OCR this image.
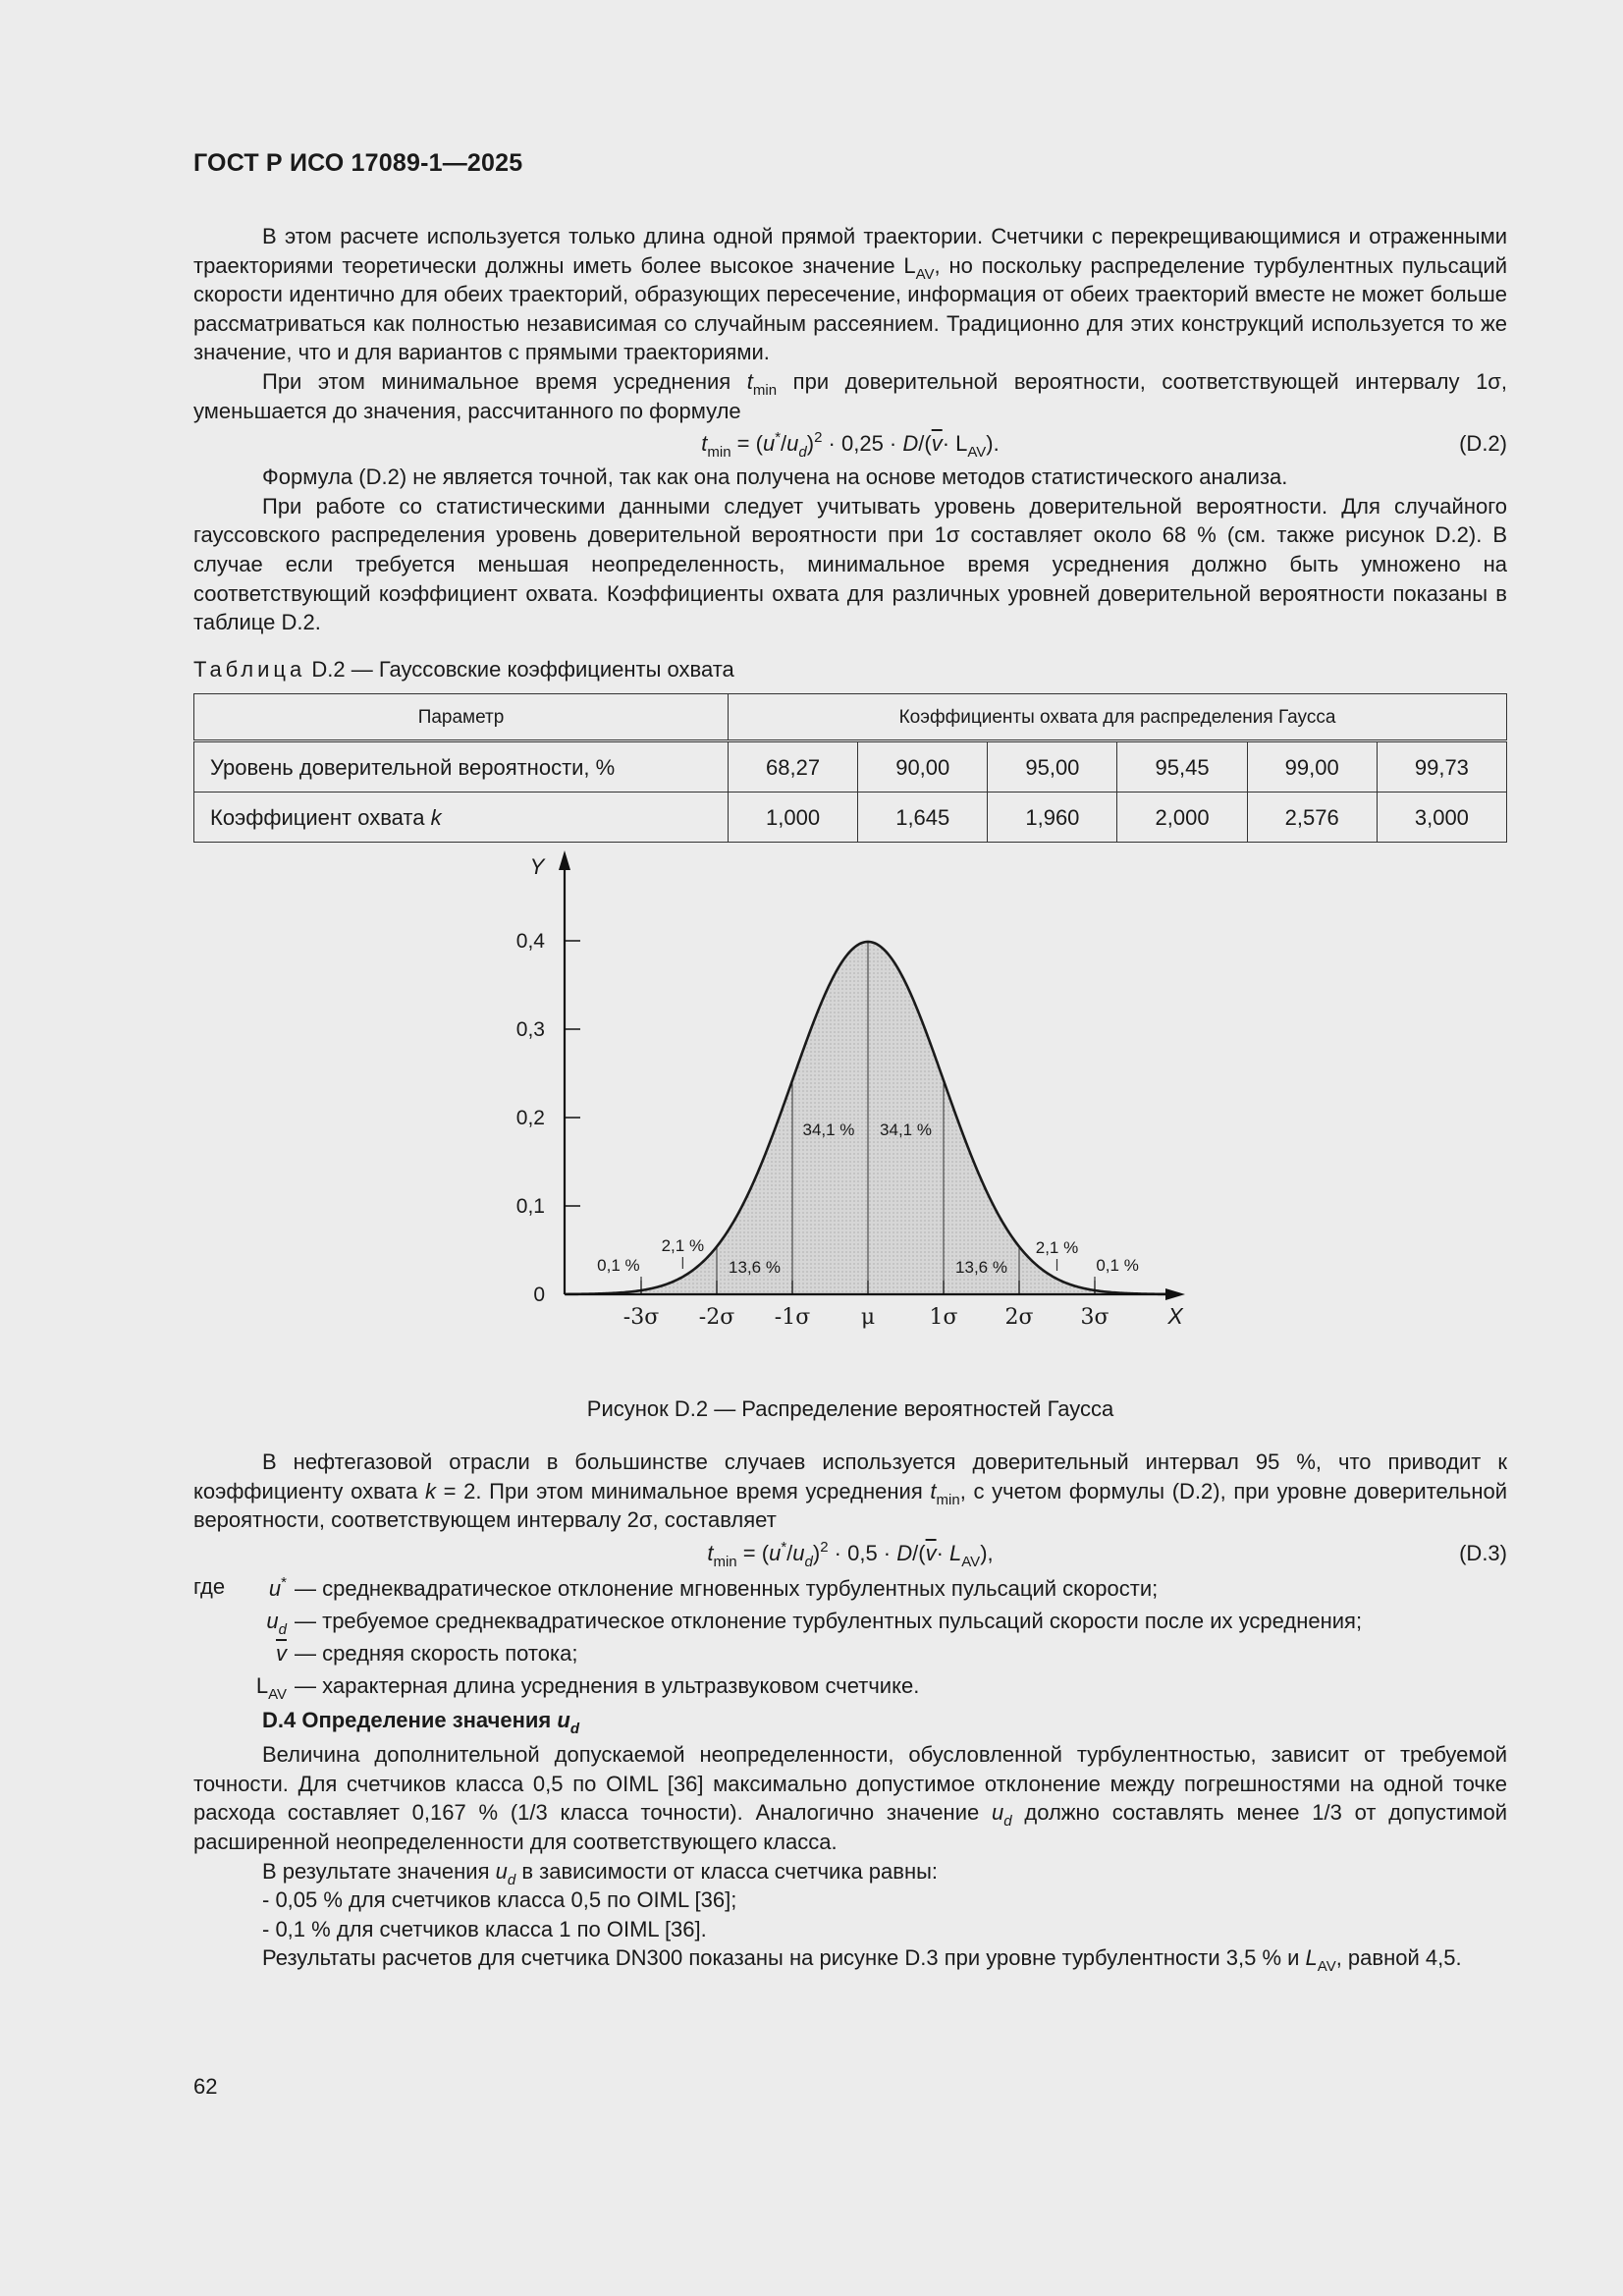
ГОСТ Р ИСО 17089-1—2025

В этом расчете используется только длина одной прямой траектории. Счетчики с перекрещивающимися и отраженными траекториями теоретически должны иметь более высокое значение $L_{AV}$, но поскольку распределение турбулентных пульсаций скорости идентично для обеих траекторий, образующих пересечение, информация от обеих траекторий вместе не может больше рассматриваться как полностью независимая со случайным рассеянием. Традиционно для этих конструкций используется то же значение, что и для вариантов с прямыми траекториями.

При этом минимальное время усреднения $t_{min}$ при доверительной вероятности, соответствующей интервалу 1σ, уменьшается до значения, рассчитанного по формуле

$t_{min} = (u^*/u_d)^2 \cdot 0,25 \cdot D/(\overline{v}\cdot L_{AV})$.	(D.2)

Формула (D.2) не является точной, так как она получена на основе методов статистического анализа.

При работе со статистическими данными следует учитывать уровень доверительной вероятности. Для случайного гауссовского распределения уровень доверительной вероятности при 1σ составляет около 68 % (см. также рисунок D.2). В случае если требуется меньшая неопределенность, минимальное время усреднения должно быть умножено на соответствующий коэффициент охвата. Коэффициенты охвата для различных уровней доверительной вероятности показаны в таблице D.2.

Таблица D.2 — Гауссовские коэффициенты охвата

Параметр	Коэффициенты охвата для распределения Гаусса					
Уровень доверительной вероятности, %	68,27	90,00	95,00	95,45	99,00	99,73
Коэффициент охвата k	1,000	1,645	1,960	2,000	2,576	3,000
0
0,1
0,2
0,3
0,4
Y
-3σ -2σ -1σ μ	1σ 2σ 3σ	X
0,1 %
2,1 %
13,6 %
34,1 % 34,1 %
13,6 %
2,1 %
0,1 %

Рисунок D.2 — Распределение вероятностей Гаусса

В нефтегазовой отрасли в большинстве случаев используется доверительный интервал 95 %, что приводит к коэффициенту охвата k = 2. При этом минимальное время усреднения $t_{min}$, с учетом формулы (D.2), при уровне доверительной вероятности, соответствующем интервалу 2σ, составляет

$t_{min} = (u^*/u_d)^2 \cdot 0,5 \cdot D/(\overline{v}\cdot L_{AV})$,	(D.3)
где	u* — среднеквадратическое отклонение мгновенных турбулентных пульсаций скорости;
$u_d$ — требуемое среднеквадратическое отклонение турбулентных пульсаций скорости после их усреднения;
$\overline{v}$ — средняя скорость потока;
$L_{AV}$ — характерная длина усреднения в ультразвуковом счетчике.

D.4 Определение значения $u_d$

Величина дополнительной допускаемой неопределенности, обусловленной турбулентностью, зависит от требуемой точности. Для счетчиков класса 0,5 по OIML [36] максимально допустимое отклонение между погрешностями на одной точке расхода составляет 0,167 % (1/3 класса точности). Аналогично значение $u_d$ должно составлять менее 1/3 от допустимой расширенной неопределенности для соответствующего класса.

В результате значения $u_d$ в зависимости от класса счетчика равны:

- 0,05 % для счетчиков класса 0,5 по OIML [36];

- 0,1 % для счетчиков класса 1 по OIML [36].

Результаты расчетов для счетчика DN300 показаны на рисунке D.3 при уровне турбулентности 3,5 % и $L_{AV}$, равной 4,5.

62
